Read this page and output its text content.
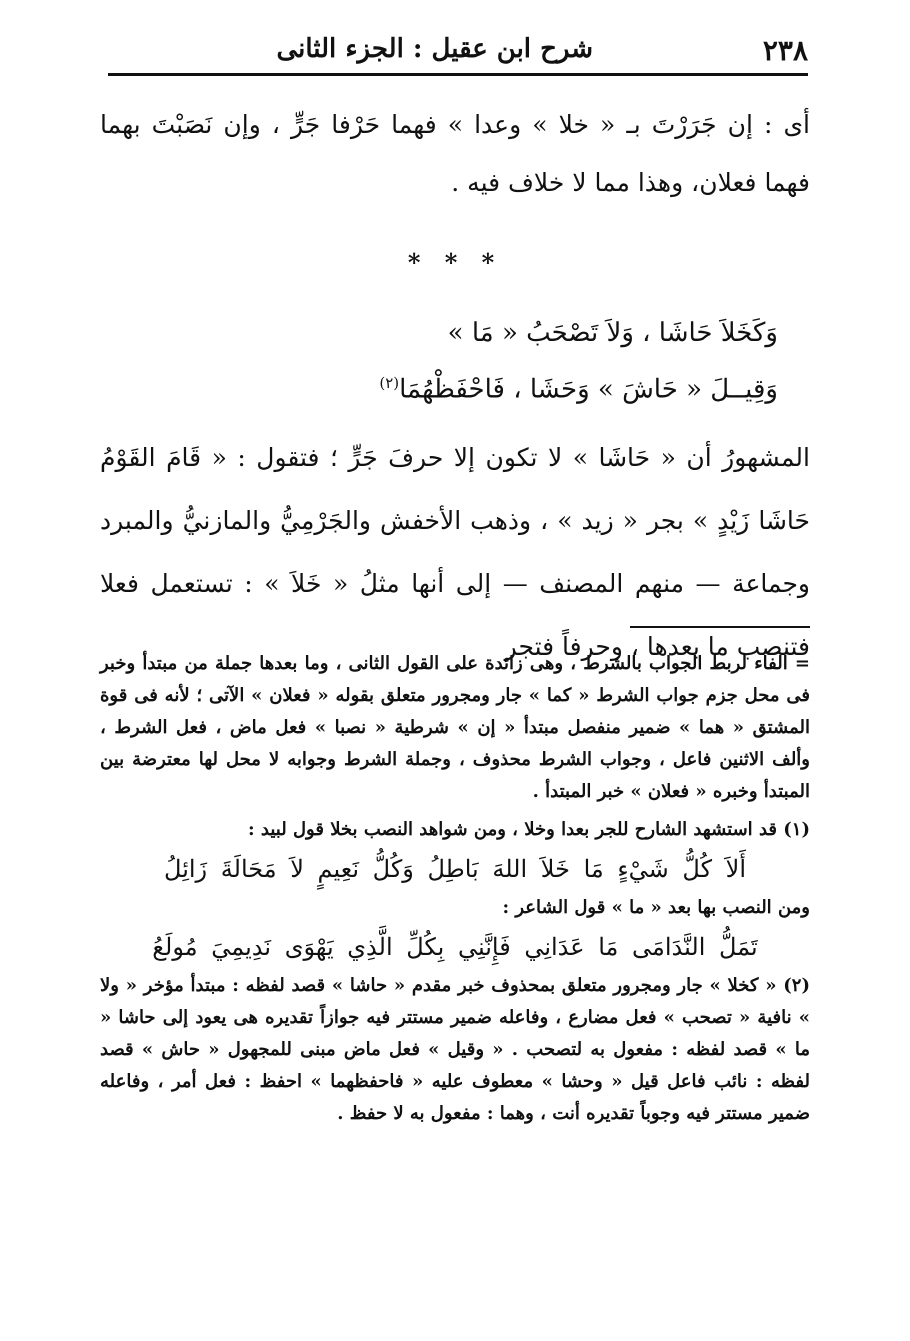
٢٣٨
شرح ابن عقيل : الجزء الثانى

أى : إن جَرَرْتَ بـ « خلا » وعدا » فهما حَرْفا جَرٍّ ، وإن نَصَبْتَ بهما فهما فعلان، وهذا مما لا خلاف فيه .

* * *
وَكَخَلاَ حَاشَا ، وَلاَ تَصْحَبُ « مَا »
وَقِيــلَ « حَاشَ » وَحَشَا ، فَاحْفَظْهُمَا$^{(٢)}$

المشهورُ أن « حَاشَا » لا تكون إلا حرفَ جَرٍّ ؛ فتقول : « قَامَ القَوْمُ حَاشَا زَيْدٍ » بجر « زيد » ، وذهب الأخفش والجَرْمِيُّ والمازنيُّ والمبرد وجماعة — منهم المصنف — إلى أنها مثلُ « خَلاَ » : تستعمل فعلا فتنصب ما بعدها ، وحرفاً فتجر

= الفاء لربط الجواب بالشرط ، وهى زائدة على القول الثانى ، وما بعدها جملة من مبتدأ وخبر فى محل جزم جواب الشرط « كما » جار ومجرور متعلق بقوله « فعلان » الآتى ؛ لأنه فى قوة المشتق « هما » ضمير منفصل مبتدأ « إن » شرطية « نصبا » فعل ماض ، فعل الشرط ، وألف الاثنين فاعل ، وجواب الشرط محذوف ، وجملة الشرط وجوابه لا محل لها معترضة بين المبتدأ وخبره « فعلان » خبر المبتدأ .

(١) قد استشهد الشارح للجر بعدا وخلا ، ومن شواهد النصب بخلا قول لبيد :

أَلاَ كُلُّ شَيْءٍ مَا خَلاَ اللهَ بَاطِلُ وَكُلُّ نَعِيمٍ لاَ مَحَالَةَ زَائِلُ

ومن النصب بها بعد « ما » قول الشاعر :

تَمَلُّ النَّدَامَى مَا عَدَانِي فَإِنَّنِي بِكُلِّ الَّذِي يَهْوَى نَدِيمِيَ مُولَعُ

(٢) « كخلا » جار ومجرور متعلق بمحذوف خبر مقدم « حاشا » قصد لفظه : مبتدأ مؤخر « ولا » نافية « تصحب » فعل مضارع ، وفاعله ضمير مستتر فيه جوازاً تقديره هى يعود إلى حاشا « ما » قصد لفظه : مفعول به لتصحب . « وقيل » فعل ماض مبنى للمجهول « حاش » قصد لفظه : نائب فاعل قيل « وحشا » معطوف عليه « فاحفظهما » احفظ : فعل أمر ، وفاعله ضمير مستتر فيه وجوباً تقديره أنت ، وهما : مفعول به لا حفظ .
